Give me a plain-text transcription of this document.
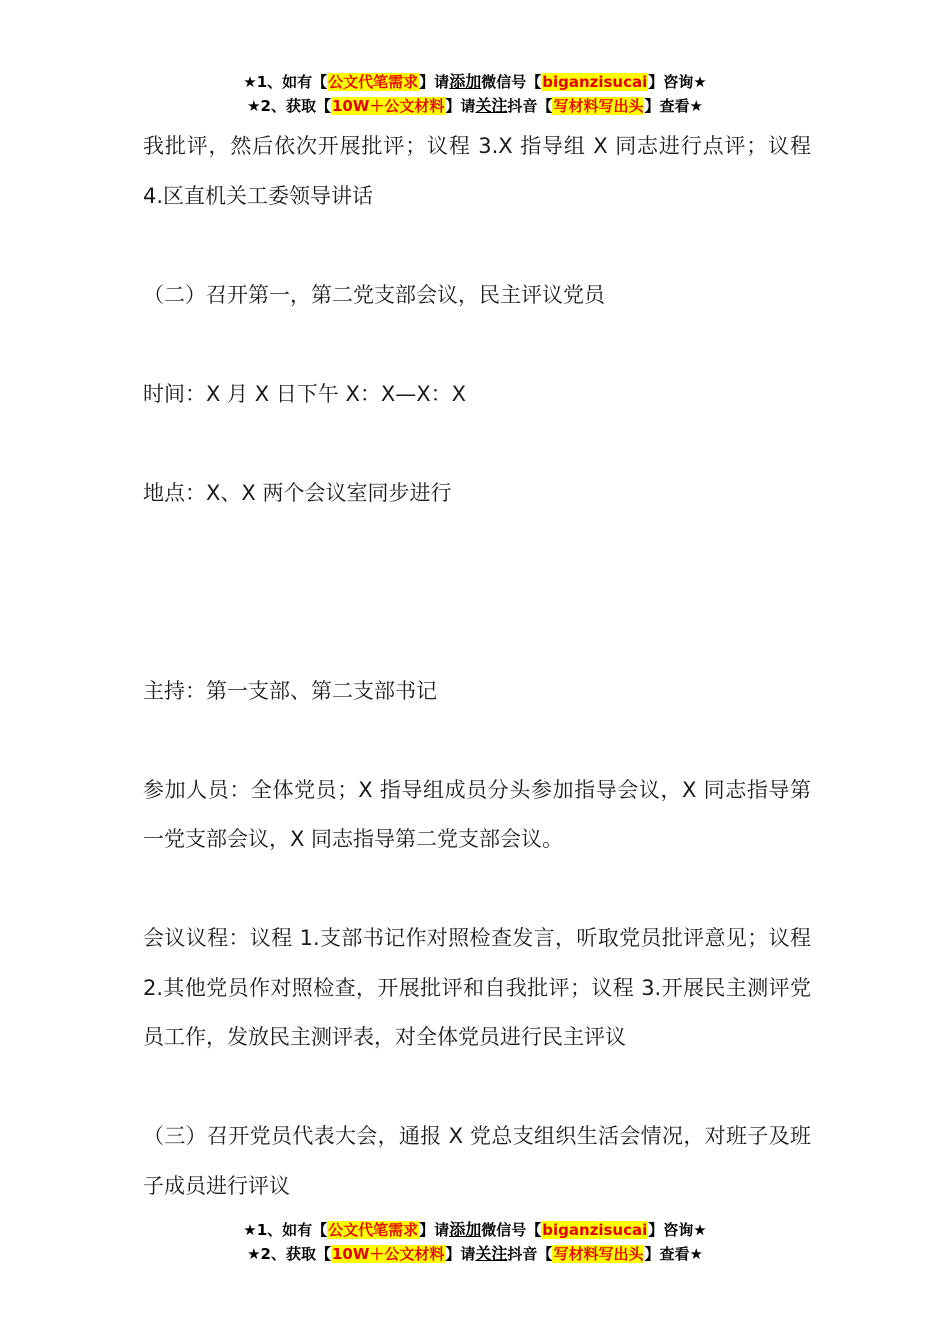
★1、如有【公文代笔需求】请添加微信号【biganzisucai】咨询★
★2、获取【10W＋公文材料】请关注抖音【写材料写出头】查看★

我批评，然后依次开展批评；议程 3.X 指导组 X 同志进行点评；议程 4.区直机关工委领导讲话

（二）召开第一，第二党支部会议，民主评议党员

时间：X 月 X 日下午 X：X—X：X

地点：X、X 两个会议室同步进行

主持：第一支部、第二支部书记

参加人员：全体党员；X 指导组成员分头参加指导会议，X 同志指导第一党支部会议，X 同志指导第二党支部会议。

会议议程：议程 1.支部书记作对照检查发言，听取党员批评意见；议程 2.其他党员作对照检查，开展批评和自我批评；议程 3.开展民主测评党员工作，发放民主测评表，对全体党员进行民主评议

（三）召开党员代表大会，通报 X 党总支组织生活会情况，对班子及班子成员进行评议

★1、如有【公文代笔需求】请添加微信号【biganzisucai】咨询★
★2、获取【10W＋公文材料】请关注抖音【写材料写出头】查看★
